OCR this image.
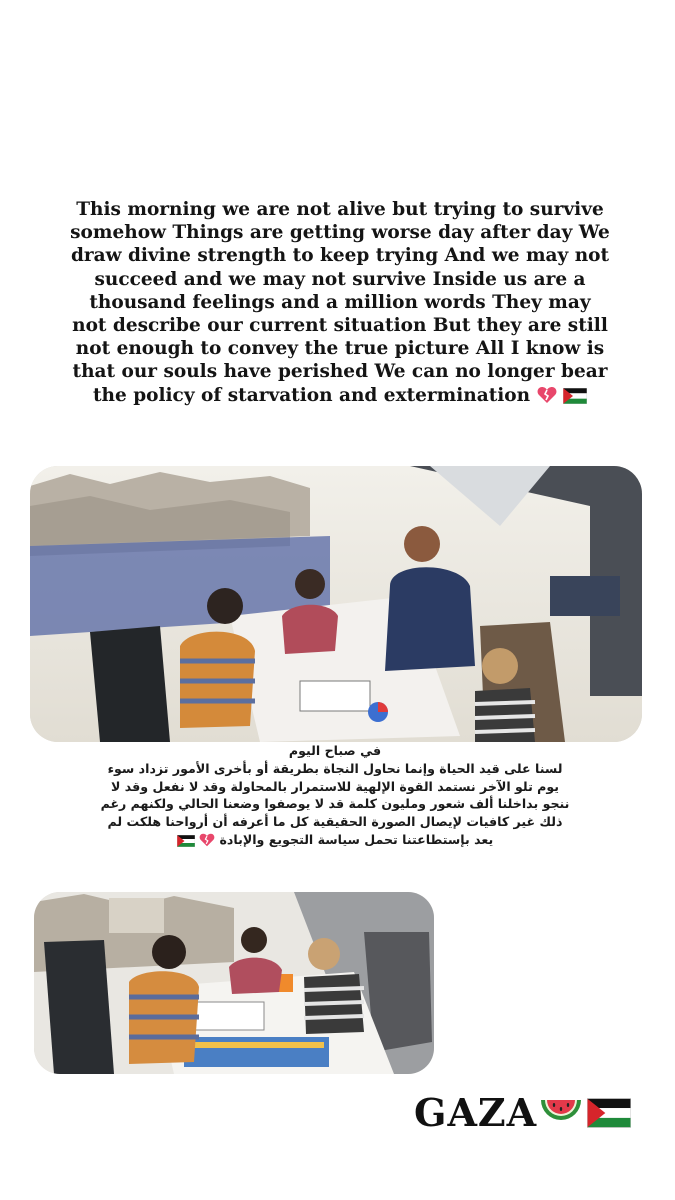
This morning we are not alive but trying to survive somehow Things are getting worse day after day We draw divine strength to keep trying And we may not succeed and we may not survive Inside us are a thousand feelings and a million words They may not describe our current situation But they are still not enough to convey the true picture All I know is that our souls have perished We can no longer bear the policy of starvation and extermination

في صباح اليوم
لسنا على قيد الحياة وإنما نحاول النجاة بطريقة أو بأخرى الأمور تزداد سوء يوم تلو الآخر نستمد القوة الإلهية للاستمرار بالمحاولة وقد لا نفعل وقد لا ننجو بداخلنا ألف شعور ومليون كلمة قد لا يوصفوا وضعنا الحالي ولكنهم رغم ذلك غير كافيات لإيصال الصورة الحقيقية كل ما أعرفه أن أرواحنا هلكت لم يعد بإستطاعتنا تحمل سياسة التجويع والإبادة

GAZA
